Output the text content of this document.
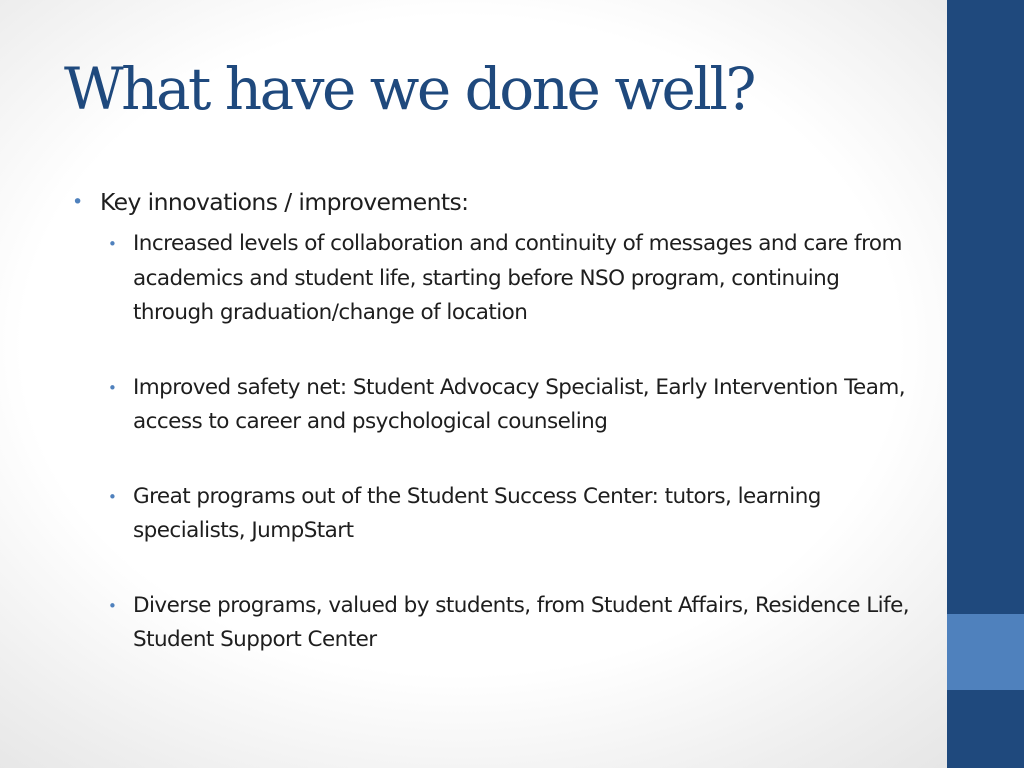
What have we done well?
• Key innovations / improvements:
• Increased levels of collaboration and continuity of messages and care from academics and student life, starting before NSO program, continuing through graduation/change of location
• Improved safety net: Student Advocacy Specialist, Early Intervention Team, access to career and psychological counseling
• Great programs out of the Student Success Center: tutors, learning specialists, JumpStart
• Diverse programs, valued by students, from Student Affairs, Residence Life, Student Support Center
